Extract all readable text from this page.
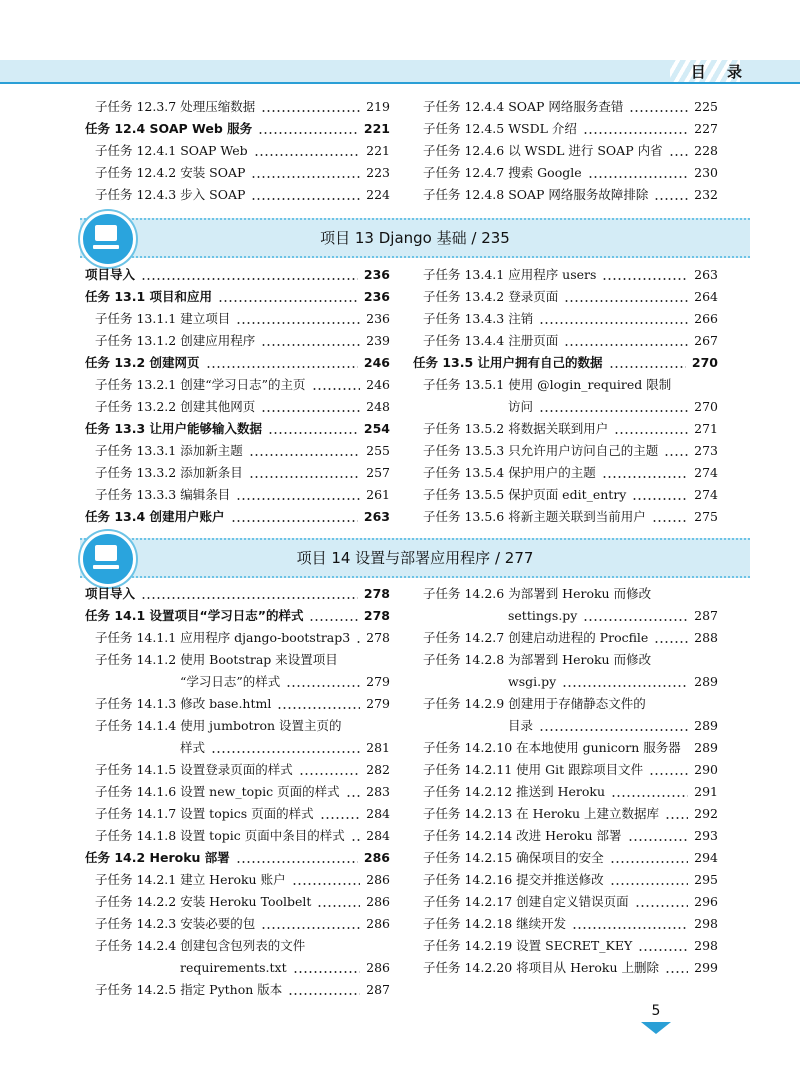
目 录
子任务 12.3.7 处理压缩数据	219
任务 12.4 SOAP Web 服务	221
子任务 12.4.1 SOAP Web	221
子任务 12.4.2 安装 SOAP	223
子任务 12.4.3 步入 SOAP	224
子任务 12.4.4 SOAP 网络服务查错	225
子任务 12.4.5 WSDL 介绍	227
子任务 12.4.6 以 WSDL 进行 SOAP 内省	228
子任务 12.4.7 搜索 Google	230
子任务 12.4.8 SOAP 网络服务故障排除	232
项目 13 Django 基础 / 235
项目导入	236
任务 13.1 项目和应用	236
子任务 13.1.1 建立项目	236
子任务 13.1.2 创建应用程序	239
任务 13.2 创建网页	246
子任务 13.2.1 创建“学习日志”的主页	246
子任务 13.2.2 创建其他网页	248
任务 13.3 让用户能够输入数据	254
子任务 13.3.1 添加新主题	255
子任务 13.3.2 添加新条目	257
子任务 13.3.3 编辑条目	261
任务 13.4 创建用户账户	263
子任务 13.4.1 应用程序 users	263
子任务 13.4.2 登录页面	264
子任务 13.4.3 注销	266
子任务 13.4.4 注册页面	267
任务 13.5 让用户拥有自己的数据	270
子任务 13.5.1 使用 @login_required 限制
访问	270
子任务 13.5.2 将数据关联到用户	271
子任务 13.5.3 只允许用户访问自己的主题	273
子任务 13.5.4 保护用户的主题	274
子任务 13.5.5 保护页面 edit_entry	274
子任务 13.5.6 将新主题关联到当前用户	275
项目 14 设置与部署应用程序 / 277
项目导入	278
任务 14.1 设置项目“学习日志”的样式	278
子任务 14.1.1 应用程序 django-bootstrap3 278
子任务 14.1.2 使用 Bootstrap 来设置项目
“学习日志”的样式	279
子任务 14.1.3 修改 base.html	279
子任务 14.1.4 使用 jumbotron 设置主页的
样式	281
子任务 14.1.5 设置登录页面的样式	282
子任务 14.1.6 设置 new_topic 页面的样式 283
子任务 14.1.7 设置 topics 页面的样式	284
子任务 14.1.8 设置 topic 页面中条目的样式 284
任务 14.2 Heroku 部署	286
子任务 14.2.1 建立 Heroku 账户	286
子任务 14.2.2 安装 Heroku Toolbelt	286
子任务 14.2.3 安装必要的包	286
子任务 14.2.4 创建包含包列表的文件
requirements.txt	286
子任务 14.2.5 指定 Python 版本	287
子任务 14.2.6 为部署到 Heroku 而修改
settings.py	287
子任务 14.2.7 创建启动进程的 Procfile	288
子任务 14.2.8 为部署到 Heroku 而修改
wsgi.py	289
子任务 14.2.9 创建用于存储静态文件的
目录	289
子任务 14.2.10 在本地使用 gunicorn 服务器 289
子任务 14.2.11 使用 Git 跟踪项目文件	290
子任务 14.2.12 推送到 Heroku	291
子任务 14.2.13 在 Heroku 上建立数据库	292
子任务 14.2.14 改进 Heroku 部署	293
子任务 14.2.15 确保项目的安全	294
子任务 14.2.16 提交并推送修改	295
子任务 14.2.17 创建自定义错误页面	296
子任务 14.2.18 继续开发	298
子任务 14.2.19 设置 SECRET_KEY	298
子任务 14.2.20 将项目从 Heroku 上删除	299
5
